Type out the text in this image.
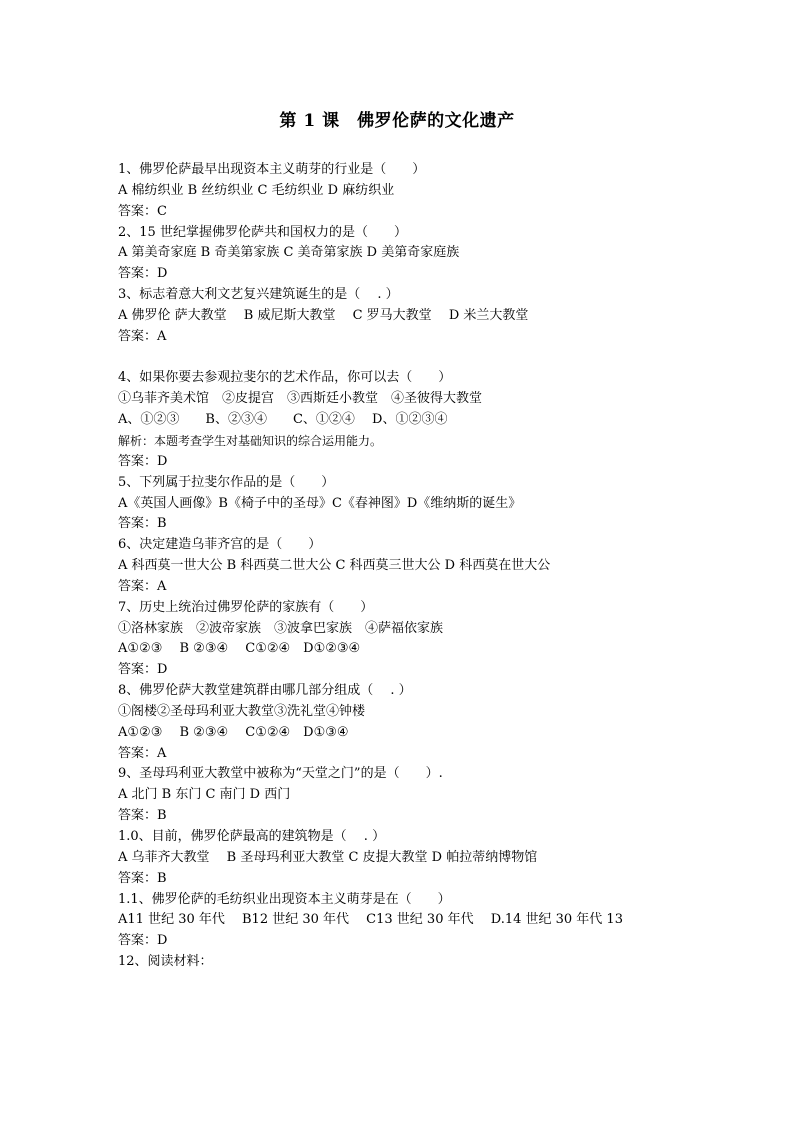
第 1 课　佛罗伦萨的文化遗产
1、佛罗伦萨最早出现资本主义萌芽的行业是（　　）
A 棉纺织业 B 丝纺织业 C 毛纺织业 D 麻纺织业
答案：C
2、15 世纪掌握佛罗伦萨共和国权力的是（　　）
A 第美奇家庭 B 奇美第家族 C 美奇第家族 D 美第奇家庭族
答案：D
3、标志着意大利文艺复兴建筑诞生的是（　 . ）
A 佛罗伦 萨大教堂　 B 威尼斯大教堂　 C 罗马大教堂　 D 米兰大教堂
答案：A
4、如果你要去参观拉斐尔的艺术作品，你可以去（　　）
①乌菲齐美术馆　②皮提宫　③西斯廷小教堂　④圣彼得大教堂
A、①②③　　B、②③④　　C、①②④　 D、①②③④
解析：本题考查学生对基础知识的综合运用能力。
答案：D
5、下列属于拉斐尔作品的是（　　）
A《英国人画像》B《椅子中的圣母》C《春神图》D《维纳斯的诞生》
答案：B
6、决定建造乌菲齐宫的是（　　）
A 科西莫一世大公 B 科西莫二世大公 C 科西莫三世大公 D 科西莫在世大公
答案：A
7、历史上统治过佛罗伦萨的家族有（　　）
①洛林家族　②波帝家族　③波拿巴家族　④萨福依家族
A①②③　 B ②③④　 C①②④　D①②③④
答案：D
8、佛罗伦萨大教堂建筑群由哪几部分组成（　 . ）
①阁楼②圣母玛利亚大教堂③洗礼堂④钟楼
A①②③　 B ②③④　 C①②④　D①③④
答案：A
9、圣母玛利亚大教堂中被称为“天堂之门”的是（　　）.
A 北门 B 东门 C 南门 D 西门
答案：B
1.0、目前，佛罗伦萨最高的建筑物是（　 . ）
A 乌菲齐大教堂　 B 圣母玛利亚大教堂 C 皮提大教堂 D 帕拉蒂纳博物馆
答案：B
1.1、佛罗伦萨的毛纺织业出现资本主义萌芽是在（　　）
A11 世纪 30 年代　 B12 世纪 30 年代　 C13 世纪 30 年代　 D.14 世纪 30 年代 13
答案：D
12、阅读材料：
